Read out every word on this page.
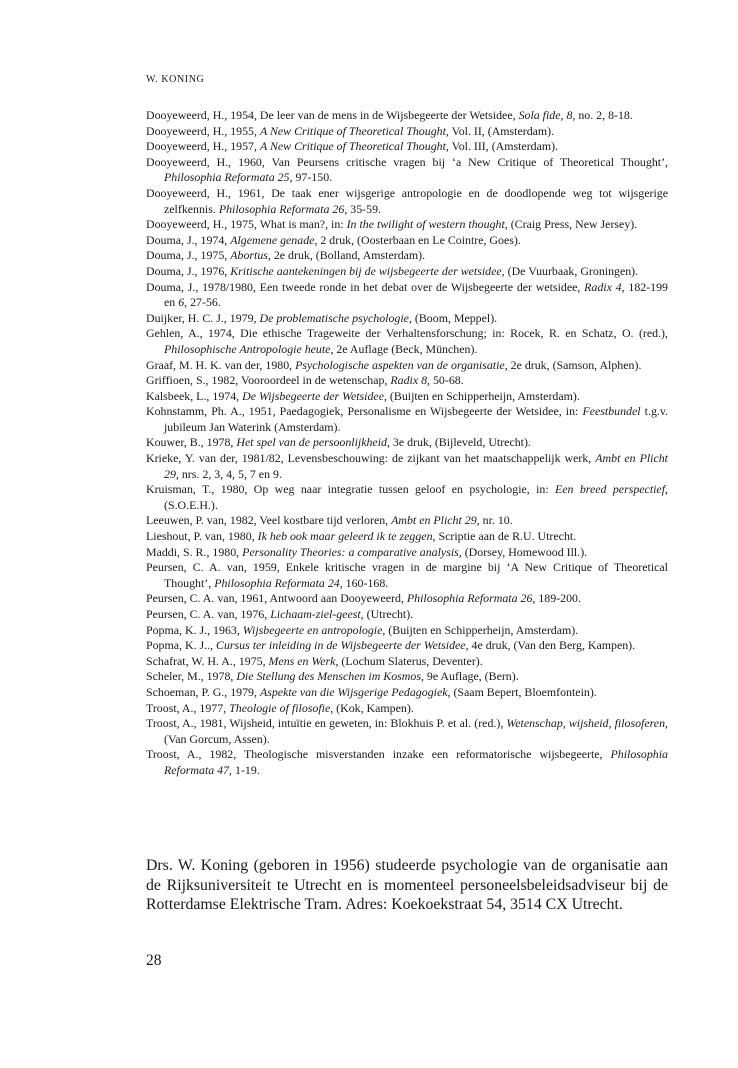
W. KONING
Dooyeweerd, H., 1954, De leer van de mens in de Wijsbegeerte der Wetsidee, Sola fide, 8, no. 2, 8-18.
Dooyeweerd, H., 1955, A New Critique of Theoretical Thought, Vol. II, (Amsterdam).
Dooyeweerd, H., 1957, A New Critique of Theoretical Thought, Vol. III, (Amsterdam).
Dooyeweerd, H., 1960, Van Peursens critische vragen bij ‘a New Critique of Theoretical Thought’, Philosophia Reformata 25, 97-150.
Dooyeweerd, H., 1961, De taak ener wijsgerige antropologie en de doodlopende weg tot wijsgerige zelfkennis. Philosophia Reformata 26, 35-59.
Dooyeweerd, H., 1975, What is man?, in: In the twilight of western thought, (Craig Press, New Jersey).
Douma, J., 1974, Algemene genade, 2 druk, (Oosterbaan en Le Cointre, Goes).
Douma, J., 1975, Abortus, 2e druk, (Bolland, Amsterdam).
Douma, J., 1976, Kritische aantekeningen bij de wijsbegeerte der wetsidee, (De Vuurbaak, Groningen).
Douma, J., 1978/1980, Een tweede ronde in het debat over de Wijsbegeerte der wetsidee, Radix 4, 182-199 en 6, 27-56.
Duijker, H. C. J., 1979, De problematische psychologie, (Boom, Meppel).
Gehlen, A., 1974, Die ethische Trageweite der Verhaltensforschung; in: Rocek, R. en Schatz, O. (red.), Philosophische Antropologie heute, 2e Auflage (Beck, München).
Graaf, M. H. K. van der, 1980, Psychologische aspekten van de organisatie, 2e druk, (Samson, Alphen).
Griffioen, S., 1982, Vooroordeel in de wetenschap, Radix 8, 50-68.
Kalsbeek, L., 1974, De Wijsbegeerte der Wetsidee, (Buijten en Schipperheijn, Amsterdam).
Kohnstamm, Ph. A., 1951, Paedagogiek, Personalisme en Wijsbegeerte der Wetsidee, in: Feestbundel t.g.v. jubileum Jan Waterink (Amsterdam).
Kouwer, B., 1978, Het spel van de persoonlijkheid, 3e druk, (Bijleveld, Utrecht).
Krieke, Y. van der, 1981/82, Levensbeschouwing: de zijkant van het maatschappelijk werk, Ambt en Plicht 29, nrs. 2, 3, 4, 5, 7 en 9.
Kruisman, T., 1980, Op weg naar integratie tussen geloof en psychologie, in: Een breed perspectief, (S.O.E.H.).
Leeuwen, P. van, 1982, Veel kostbare tijd verloren, Ambt en Plicht 29, nr. 10.
Lieshout, P. van, 1980, Ik heb ook maar geleerd ik te zeggen, Scriptie aan de R.U. Utrecht.
Maddi, S. R., 1980, Personality Theories: a comparative analysis, (Dorsey, Homewood Ill.).
Peursen, C. A. van, 1959, Enkele kritische vragen in de margine bij ‘A New Critique of Theoretical Thought’, Philosophia Reformata 24, 160-168.
Peursen, C. A. van, 1961, Antwoord aan Dooyeweerd, Philosophia Reformata 26, 189-200.
Peursen, C. A. van, 1976, Lichaam-ziel-geest, (Utrecht).
Popma, K. J., 1963, Wijsbegeerte en antropologie, (Buijten en Schipperheijn, Amsterdam).
Popma, K. J.., Cursus ter inleiding in de Wijsbegeerte der Wetsidee, 4e druk, (Van den Berg, Kampen).
Schafrat, W. H. A., 1975, Mens en Werk, (Lochum Slaterus, Deventer).
Scheler, M., 1978, Die Stellung des Menschen im Kosmos, 9e Auflage, (Bern).
Schoeman, P. G., 1979, Aspekte van die Wijsgerige Pedagogiek, (Saam Bepert, Bloemfontein).
Troost, A., 1977, Theologie of filosofie, (Kok, Kampen).
Troost, A., 1981, Wijsheid, intuïtie en geweten, in: Blokhuis P. et al. (red.), Wetenschap, wijsheid, filosoferen, (Van Gorcum, Assen).
Troost, A., 1982, Theologische misverstanden inzake een reformatorische wijsbegeerte, Philosophia Reformata 47, 1-19.

Drs. W. Koning (geboren in 1956) studeerde psychologie van de organisatie aan de Rijksuniversiteit te Utrecht en is momenteel personeelsbeleidsadviseur bij de Rotterdamse Elektrische Tram. Adres: Koekoekstraat 54, 3514 CX Utrecht.

28
